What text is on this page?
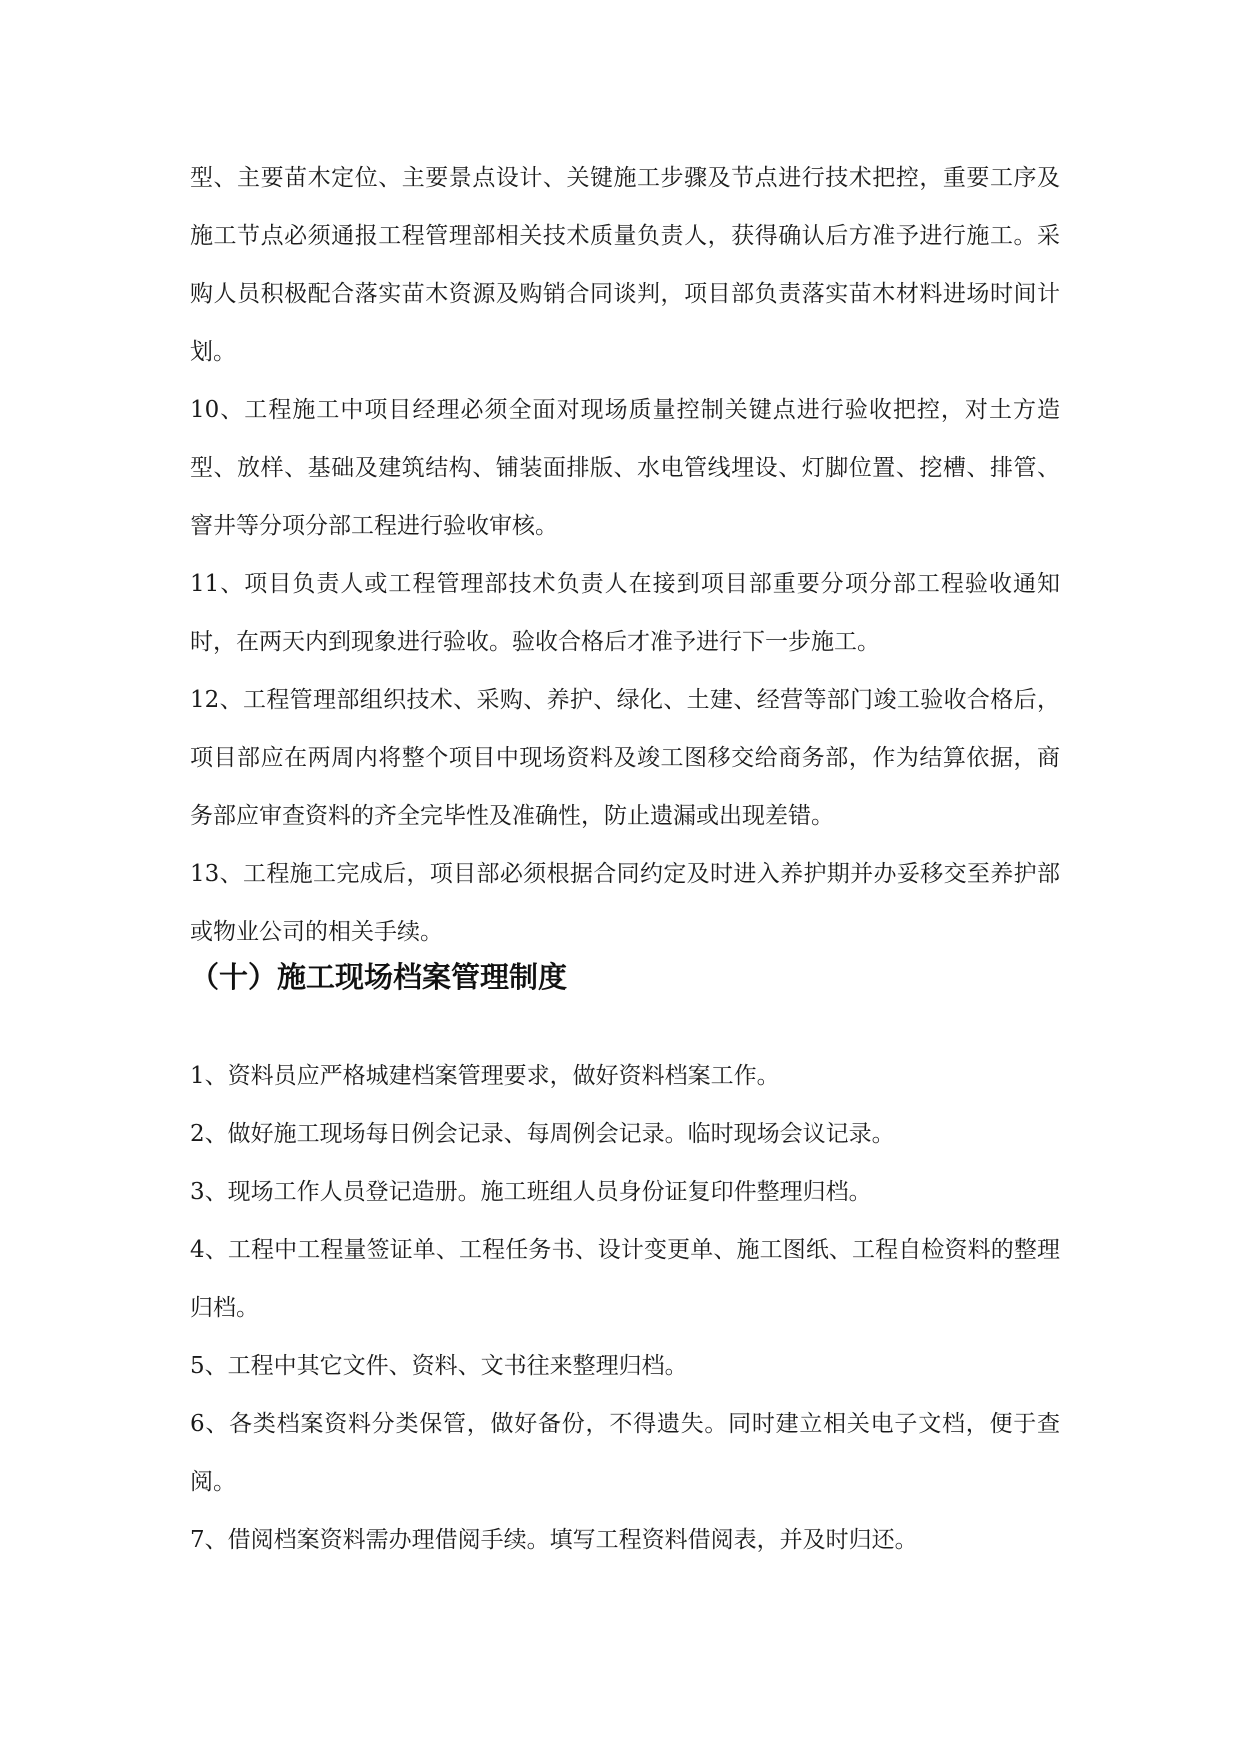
型、主要苗木定位、主要景点设计、关键施工步骤及节点进行技术把控，重要工序及施工节点必须通报工程管理部相关技术质量负责人，获得确认后方准予进行施工。采购人员积极配合落实苗木资源及购销合同谈判，项目部负责落实苗木材料进场时间计划。

10、工程施工中项目经理必须全面对现场质量控制关键点进行验收把控，对土方造型、放样、基础及建筑结构、铺装面排版、水电管线埋设、灯脚位置、挖槽、排管、窨井等分项分部工程进行验收审核。

11、项目负责人或工程管理部技术负责人在接到项目部重要分项分部工程验收通知时，在两天内到现象进行验收。验收合格后才准予进行下一步施工。

12、工程管理部组织技术、采购、养护、绿化、土建、经营等部门竣工验收合格后，项目部应在两周内将整个项目中现场资料及竣工图移交给商务部，作为结算依据，商务部应审查资料的齐全完毕性及准确性，防止遗漏或出现差错。

13、工程施工完成后，项目部必须根据合同约定及时进入养护期并办妥移交至养护部或物业公司的相关手续。

（十）施工现场档案管理制度

1、资料员应严格城建档案管理要求，做好资料档案工作。

2、做好施工现场每日例会记录、每周例会记录。临时现场会议记录。

3、现场工作人员登记造册。施工班组人员身份证复印件整理归档。

4、工程中工程量签证单、工程任务书、设计变更单、施工图纸、工程自检资料的整理归档。

5、工程中其它文件、资料、文书往来整理归档。

6、各类档案资料分类保管，做好备份，不得遗失。同时建立相关电子文档，便于查阅。

7、借阅档案资料需办理借阅手续。填写工程资料借阅表，并及时归还。
